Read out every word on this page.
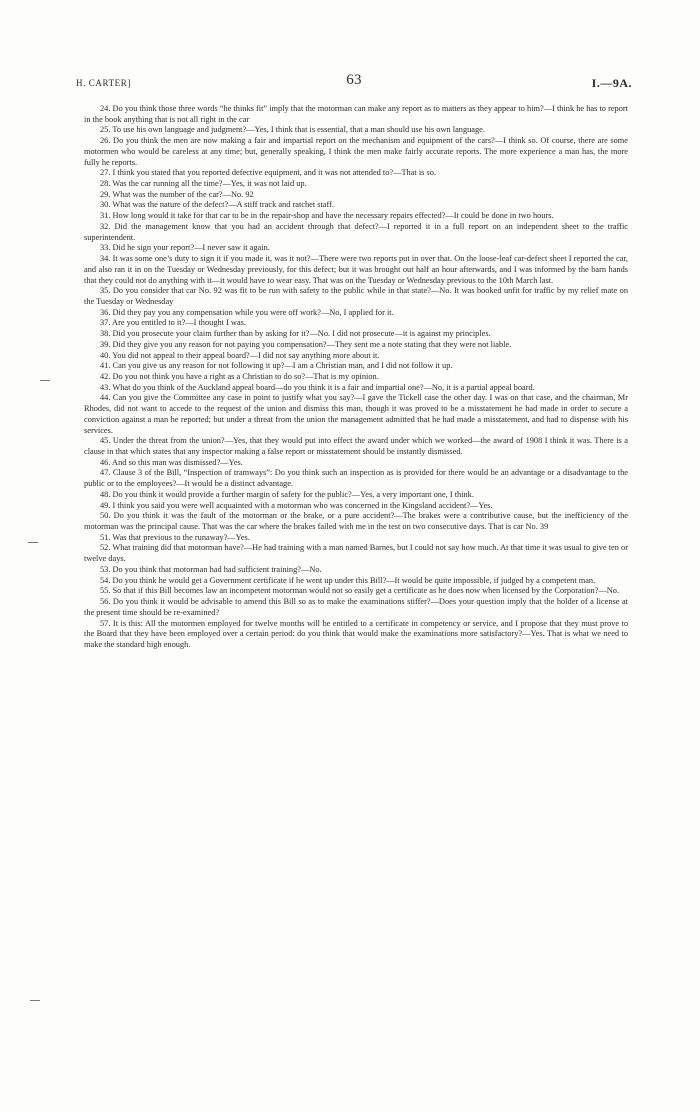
H. CARTER]	63	I.—9A.

24. Do you think those three words “he thinks fit” imply that the motorman can make any report as to matters as they appear to him?—I think he has to report in the book anything that is not all right in the car

25. To use his own language and judgment?—Yes, I think that is essential, that a man should use his own language.

26. Do you think the men are now making a fair and impartial report on the mechanism and equipment of the cars?—I think so. Of course, there are some motormen who would be careless at any time; but, generally speaking, I think the men make fairly accurate reports. The more experience a man has, the more fully he reports.

27. I think you stated that you reported defective equipment, and it was not attended to?—That is so.

28. Was the car running all the time?—Yes, it was not laid up.

29. What was the number of the car?—No. 92

30. What was the nature of the defect?—A stiff track and ratchet staff.

31. How long would it take for that car to be in the repair-shop and have the necessary repairs effected?—It could be done in two hours.

32. Did the management know that you had an accident through that defect?—I reported it in a full report on an independent sheet to the traffic superintendent.

33. Did he sign your report?—I never saw it again.

34. It was some one’s duty to sign it if you made it, was it not?—There were two reports put in over that. On the loose-leaf car-defect sheet I reported the car, and also ran it in on the Tuesday or Wednesday previously, for this defect; but it was brought out half an hour afterwards, and I was informed by the barn hands that they could not do anything with it—it would have to wear easy. That was on the Tuesday or Wednesday previous to the 10th March last.

35. Do you consider that car No. 92 was fit to be run with safety to the public while in that state?—No. It was booked unfit for traffic by my relief mate on the Tuesday or Wednesday

36. Did they pay you any compensation while you were off work?—No, I applied for it.

37. Are you entitled to it?—I thought I was.

38. Did you prosecute your claim further than by asking for it?—No. I did not prosecute—it is against my principles.

39. Did they give you any reason for not paying you compensation?—They sent me a note stating that they were not liable.

40. You did not appeal to their appeal board?—I did not say anything more about it.

41. Can you give us any reason for not following it up?—I am a Christian man, and I did not follow it up.

42. Do you not think you have a right as a Christian to do so?—That is my opinion.

43. What do you think of the Auckland appeal board—do you think it is a fair and impartial one?—No, it is a partial appeal board.

44. Can you give the Committee any case in point to justify what you say?—I gave the Tickell case the other day. I was on that case, and the chairman, Mr Rhodes, did not want to accede to the request of the union and dismiss this man, though it was proved to be a misstatement he had made in order to secure a conviction against a man he reported; but under a threat from the union the management admitted that he had made a misstatement, and had to dispense with his services.

45. Under the threat from the union?—Yes, that they would put into effect the award under which we worked—the award of 1908 I think it was. There is a clause in that which states that any inspector making a false report or misstatement should be instantly dismissed.

46. And so this man was dismissed?—Yes.

47. Clause 3 of the Bill, “Inspection of tramways”: Do you think such an inspection as is provided for there would be an advantage or a disadvantage to the public or to the employees?—It would be a distinct advantage.

48. Do you think it would provide a further margin of safety for the public?—Yes, a very important one, I think.

49. I think you said you were well acquainted with a motorman who was concerned in the Kingsland accident?—Yes.

50. Do you think it was the fault of the motorman or the brake, or a pure accident?—The brakes were a contributive cause, but the inefficiency of the motorman was the principal cause. That was the car where the brakes failed with me in the test on two consecutive days. That is car No. 39

51. Was that previous to the runaway?—Yes.

52. What training did that motorman have?—He had training with a man named Barnes, but I could not say how much. At that time it was usual to give ten or twelve days.

53. Do you think that motorman had had sufficient training?—No.

54. Do you think he would get a Government certificate if he went up under this Bill?—It would be quite impossible, if judged by a competent man.

55. So that if this Bill becomes law an incompetent motorman would not so easily get a certificate as he does now when licensed by the Corporation?—No.

56. Do you think it would be advisable to amend this Bill so as to make the examinations stiffer?—Does your question imply that the holder of a license at the present time should be re-examined?

57. It is this: All the motormen employed for twelve months will be entitled to a certificate in competency or service, and I propose that they must prove to the Board that they have been employed over a certain period: do you think that would make the examinations more satisfactory?—Yes. That is what we need to make the standard high enough.
